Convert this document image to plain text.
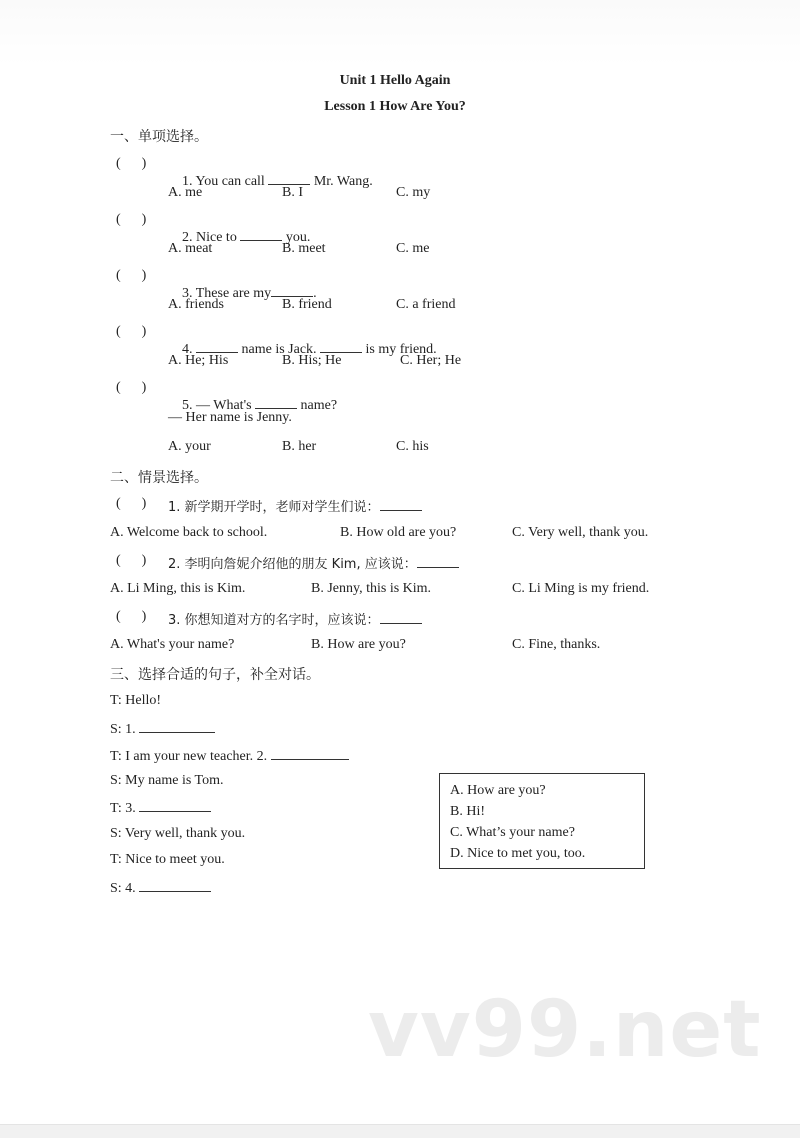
Unit 1 Hello Again
Lesson 1 How Are You?
一、单项选择。
(      )

1. You can call	Mr. Wang.

A. me	B. I	C. my
(      )

2. Nice to	you.

A. meat	B. meet	C. me
(      )

3. These are my	.

A. friends	B. friend	C. a friend
(      )

4.	name is Jack.	is my friend.

A. He; His	B. His; He	C. Her; He
(      )

5. — What's	name?

— Her name is Jenny.
A. your	B. her	C. his
二、情景选择。
(      ) 1. 新学期开学时，老师对学生们说：
A. Welcome back to school.	B. How old are you?	C. Very well, thank you.
(      ) 2. 李明向詹妮介绍他的朋友 Kim, 应该说：
A. Li Ming, this is Kim.	B. Jenny, this is Kim.	C. Li Ming is my friend.
(      ) 3. 你想知道对方的名字时，应该说：
A. What's your name?	B. How are you?	C. Fine, thanks.
三、选择合适的句子，补全对话。
T: Hello!
S: 1.
T: I am your new teacher. 2.
S: My name is Tom.
T: 3.
S: Very well, thank you.
T: Nice to meet you.
S: 4.
A. How are you?
B. Hi!
C. What’s your name?
D. Nice to met you, too.
vv99.net
